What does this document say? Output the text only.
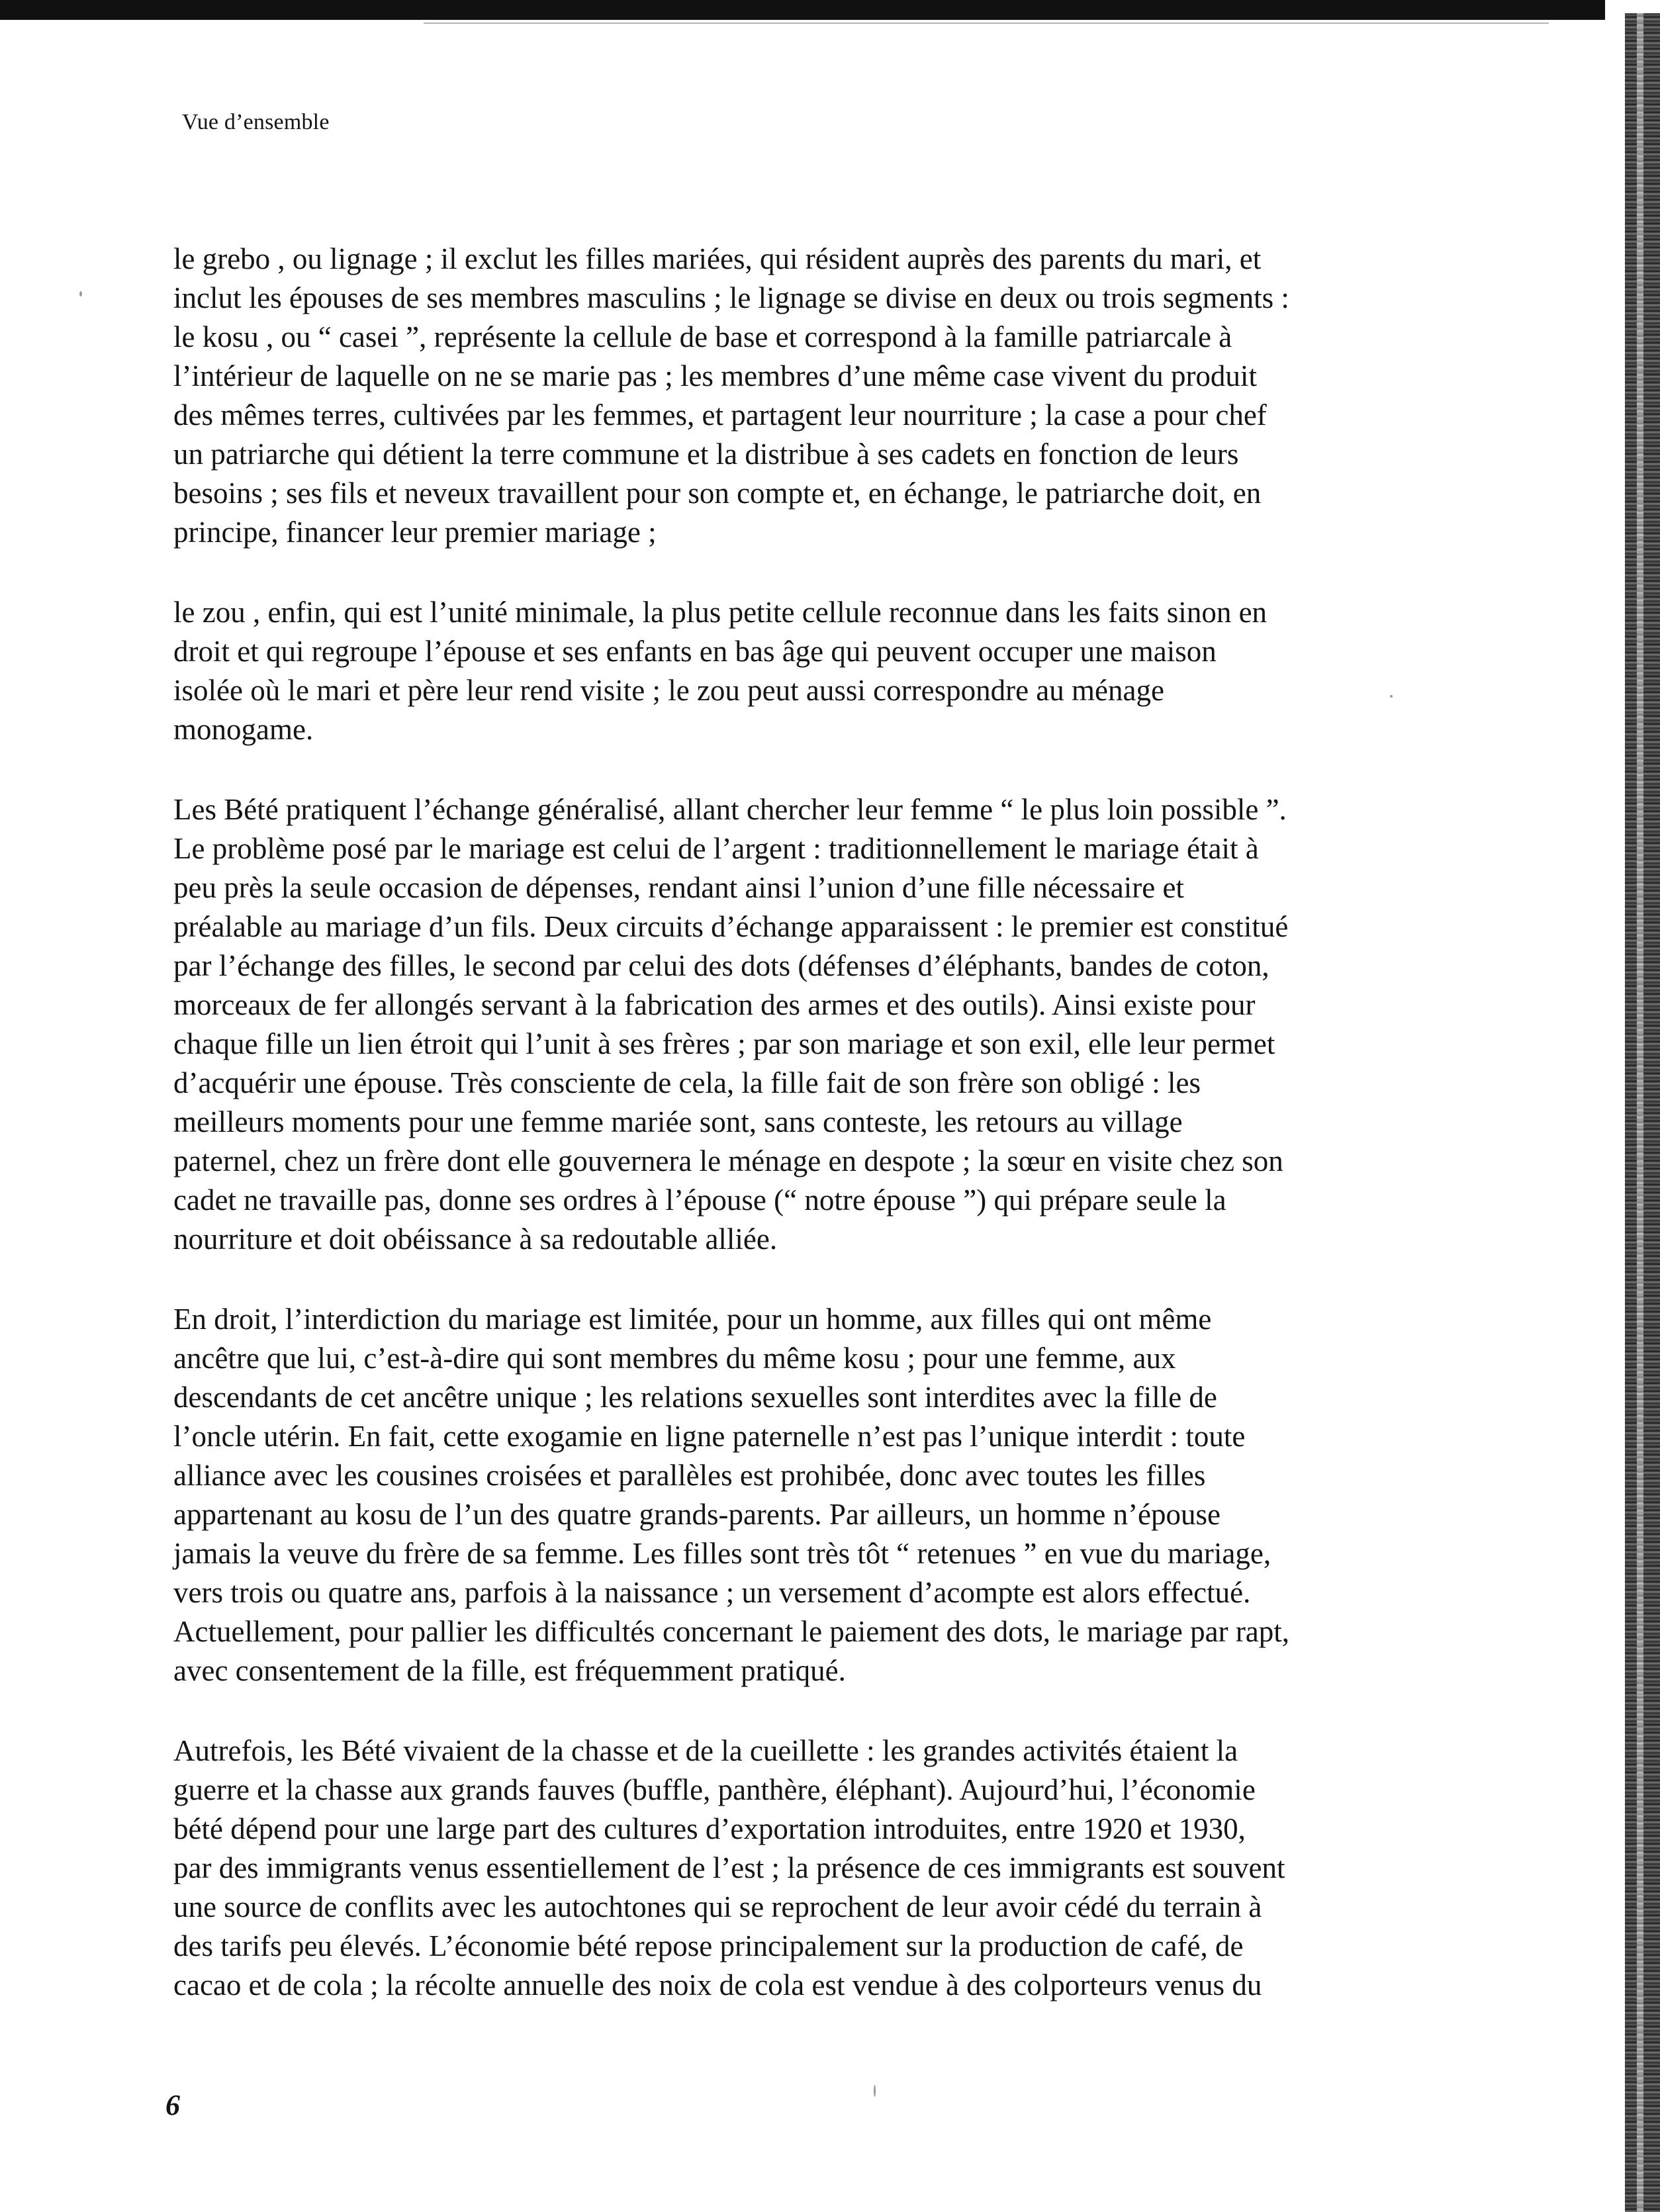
Vue d’ensemble
le grebo , ou lignage ; il exclut les filles mariées, qui résident auprès des parents du mari, et
inclut les épouses de ses membres masculins ; le lignage se divise en deux ou trois segments :
le kosu , ou “ casei ”, représente la cellule de base et correspond à la famille patriarcale à
l’intérieur de laquelle on ne se marie pas ; les membres d’une même case vivent du produit
des mêmes terres, cultivées par les femmes, et partagent leur nourriture ; la case a pour chef
un patriarche qui détient la terre commune et la distribue à ses cadets en fonction de leurs
besoins ; ses fils et neveux travaillent pour son compte et, en échange, le patriarche doit, en
principe, financer leur premier mariage ;
le zou , enfin, qui est l’unité minimale, la plus petite cellule reconnue dans les faits sinon en
droit et qui regroupe l’épouse et ses enfants en bas âge qui peuvent occuper une maison
isolée où le mari et père leur rend visite ; le zou peut aussi correspondre au ménage
monogame.
Les Bété pratiquent l’échange généralisé, allant chercher leur femme “ le plus loin possible ”.
Le problème posé par le mariage est celui de l’argent : traditionnellement le mariage était à
peu près la seule occasion de dépenses, rendant ainsi l’union d’une fille nécessaire et
préalable au mariage d’un fils. Deux circuits d’échange apparaissent : le premier est constitué
par l’échange des filles, le second par celui des dots (défenses d’éléphants, bandes de coton,
morceaux de fer allongés servant à la fabrication des armes et des outils). Ainsi existe pour
chaque fille un lien étroit qui l’unit à ses frères ; par son mariage et son exil, elle leur permet
d’acquérir une épouse. Très consciente de cela, la fille fait de son frère son obligé : les
meilleurs moments pour une femme mariée sont, sans conteste, les retours au village
paternel, chez un frère dont elle gouvernera le ménage en despote ; la sœur en visite chez son
cadet ne travaille pas, donne ses ordres à l’épouse (“ notre épouse ”) qui prépare seule la
nourriture et doit obéissance à sa redoutable alliée.
En droit, l’interdiction du mariage est limitée, pour un homme, aux filles qui ont même
ancêtre que lui, c’est-à-dire qui sont membres du même kosu ; pour une femme, aux
descendants de cet ancêtre unique ; les relations sexuelles sont interdites avec la fille de
l’oncle utérin. En fait, cette exogamie en ligne paternelle n’est pas l’unique interdit : toute
alliance avec les cousines croisées et parallèles est prohibée, donc avec toutes les filles
appartenant au kosu de l’un des quatre grands-parents. Par ailleurs, un homme n’épouse
jamais la veuve du frère de sa femme. Les filles sont très tôt “ retenues ” en vue du mariage,
vers trois ou quatre ans, parfois à la naissance ; un versement d’acompte est alors effectué.
Actuellement, pour pallier les difficultés concernant le paiement des dots, le mariage par rapt,
avec consentement de la fille, est fréquemment pratiqué.
Autrefois, les Bété vivaient de la chasse et de la cueillette : les grandes activités étaient la
guerre et la chasse aux grands fauves (buffle, panthère, éléphant). Aujourd’hui, l’économie
bété dépend pour une large part des cultures d’exportation introduites, entre 1920 et 1930,
par des immigrants venus essentiellement de l’est ; la présence de ces immigrants est souvent
une source de conflits avec les autochtones qui se reprochent de leur avoir cédé du terrain à
des tarifs peu élevés. L’économie bété repose principalement sur la production de café, de
cacao et de cola ; la récolte annuelle des noix de cola est vendue à des colporteurs venus du
6
